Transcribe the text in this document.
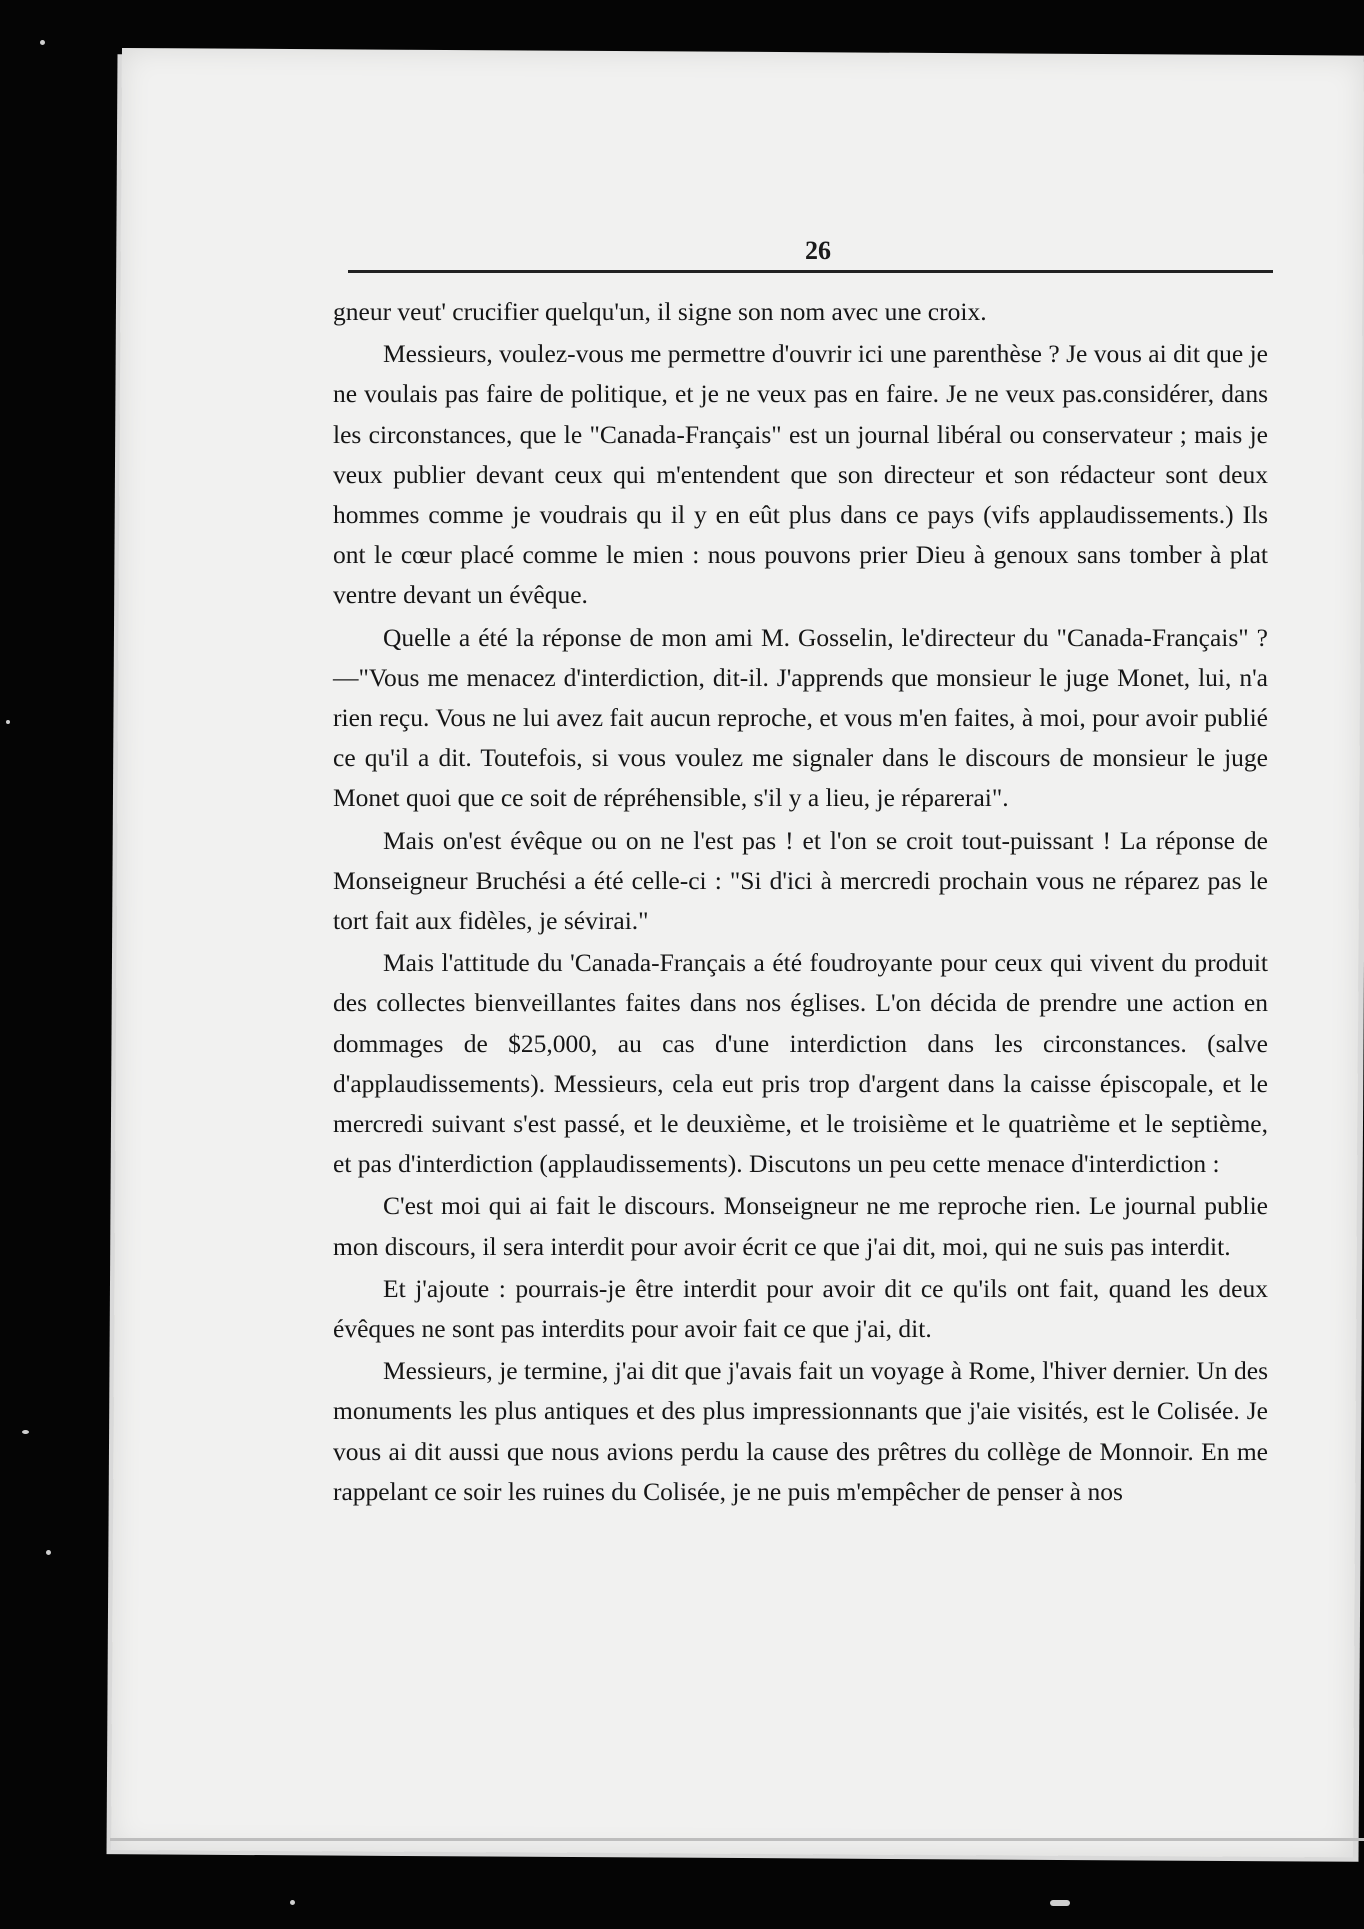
26

gneur veut' crucifier quelqu'un, il signe son nom avec une croix.

Messieurs, voulez-vous me permettre d'ouvrir ici une parenthèse ? Je vous ai dit que je ne voulais pas faire de politique, et je ne veux pas en faire. Je ne veux pas.considérer, dans les circonstances, que le "Canada-Français" est un journal libéral ou conservateur ; mais je veux publier devant ceux qui m'entendent que son directeur et son rédacteur sont deux hommes comme je voudrais qu il y en eût plus dans ce pays (vifs applaudissements.) Ils ont le cœur placé comme le mien : nous pouvons prier Dieu à genoux sans tomber à plat ventre devant un évêque.

Quelle a été la réponse de mon ami M. Gosselin, le'directeur du "Canada-Français" ?—"Vous me menacez d'interdiction, dit-il. J'apprends que monsieur le juge Monet, lui, n'a rien reçu. Vous ne lui avez fait aucun reproche, et vous m'en faites, à moi, pour avoir publié ce qu'il a dit. Toutefois, si vous voulez me signaler dans le discours de monsieur le juge Monet quoi que ce soit de répréhensible, s'il y a lieu, je réparerai".

Mais on'est évêque ou on ne l'est pas ! et l'on se croit tout-puissant ! La réponse de Monseigneur Bruchési a été celle-ci : "Si d'ici à mercredi prochain vous ne réparez pas le tort fait aux fidèles, je sévirai."

Mais l'attitude du 'Canada-Français a été foudroyante pour ceux qui vivent du produit des collectes bienveillantes faites dans nos églises. L'on décida de prendre une action en dommages de $25,000, au cas d'une interdiction dans les circonstances. (salve d'applaudissements). Messieurs, cela eut pris trop d'argent dans la caisse épiscopale, et le mercredi suivant s'est passé, et le deuxième, et le troisième et le quatrième et le septième, et pas d'interdiction (applaudissements). Discutons un peu cette menace d'interdiction :

C'est moi qui ai fait le discours. Monseigneur ne me reproche rien. Le journal publie mon discours, il sera interdit pour avoir écrit ce que j'ai dit, moi, qui ne suis pas interdit.

Et j'ajoute : pourrais-je être interdit pour avoir dit ce qu'ils ont fait, quand les deux évêques ne sont pas interdits pour avoir fait ce que j'ai, dit.

Messieurs, je termine, j'ai dit que j'avais fait un voyage à Rome, l'hiver dernier. Un des monuments les plus antiques et des plus impressionnants que j'aie visités, est le Colisée. Je vous ai dit aussi que nous avions perdu la cause des prêtres du collège de Monnoir. En me rappelant ce soir les ruines du Colisée, je ne puis m'empêcher de penser à nos
